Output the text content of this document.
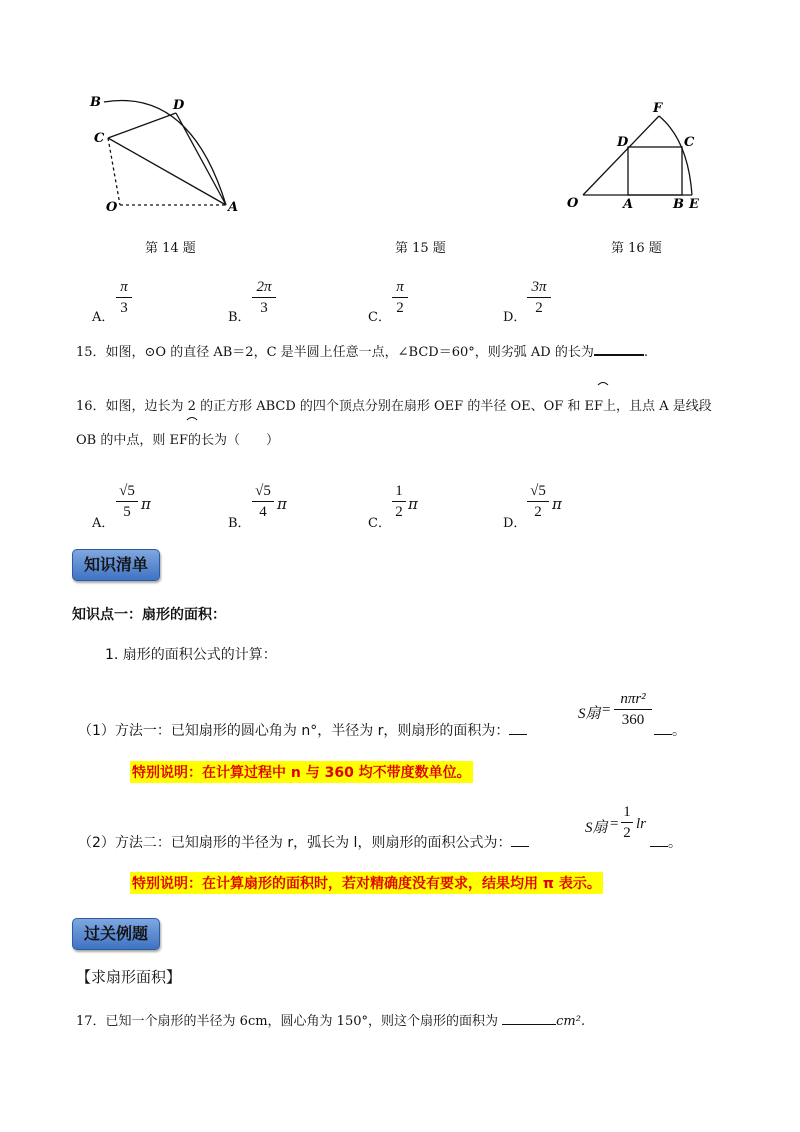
B	D
C
O	A
F
D	C
O	A	B E
第 14 题	第 15 题	第 16 题
A．
π
3
B．
2π
3
C．
π
2
D．
3π
2
15．如图，⊙O 的直径 AB＝2，C 是半圆上任意一点，∠BCD＝60°，则劣弧 AD 的长为	.
16．如图，边长为 2 的正方形 ABCD 的四个顶点分别在扇形 OEF 的半径 OE、OF 和 EF上，且点 A 是线段
OB 的中点，则 EF的长为（　　）
A．
√5
5 π
B．
√5
4 π
C．
1
2 π
D．
√5
2 π
知识清单
知识点一：扇形的面积：
1. 扇形的面积公式的计算：
（1）方法一：已知扇形的圆心角为 n°，半径为 r，则扇形的面积为：
S扇 =
nπr²
360
。
特别说明：在计算过程中 n 与 360 均不带度数单位。
（2）方法二：已知扇形的半径为 r，弧长为 l，则扇形的面积公式为：
S扇 =
1
2
lr
。
特别说明：在计算扇形的面积时，若对精确度没有要求，结果均用 π 表示。
过关例题
【求扇形面积】
17．已知一个扇形的半径为 6cm，圆心角为 150°，则这个扇形的面积为	cm².
